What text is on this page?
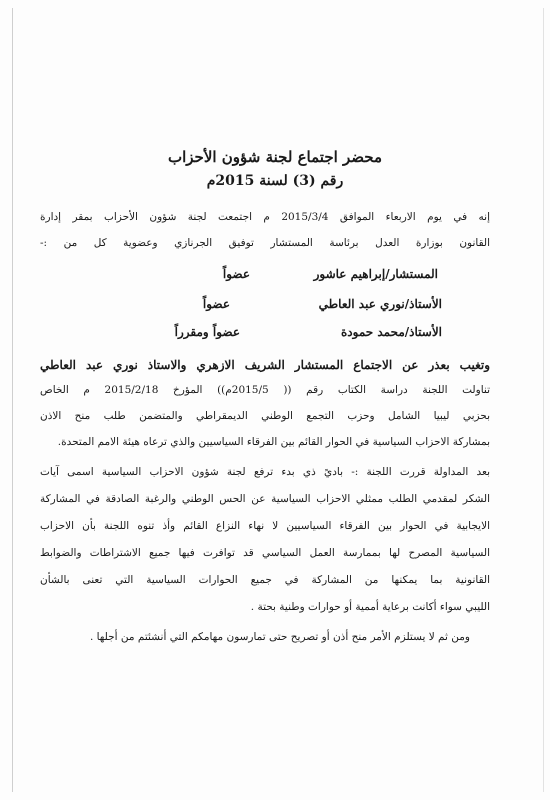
محضر اجتماع لجنة شؤون الأحزاب
رقم (3) لسنة 2015م
إنه في يوم الاربعاء الموافق 2015/3/4 م اجتمعت لجنة شؤون الأحزاب بمقر إدارة
القانون بوزارة العدل برئاسة المستشار توفيق الجرنازي وعضوية كل من :-
المستشار/إبراهيم عاشور
عضواً
الأستاذ/نوري عبد العاطي
عضواً
الأستاذ/محمد حمودة
عضواً ومقرراً
وتغيب بعذر عن الاجتماع المستشار الشريف الازهري والاستاذ نوري عبد العاطي
تناولت اللجنة دراسة الكتاب رقم (( 2015/5م)) المؤرخ 2015/2/18 م الخاص
بحزبي ليبيا الشامل وحزب التجمع الوطني الديمقراطي والمتضمن طلب منح الاذن
بمشاركة الاحزاب السياسية في الحوار القائم بين الفرقاء السياسيين والذي ترعاه هيئة الامم المتحدة.
بعد المداولة قررت اللجنة :- باديً ذي بدء ترفع لجنة شؤون الاحزاب السياسية اسمى آيات
الشكر لمقدمي الطلب ممثلي الاحزاب السياسية عن الحس الوطني والرغبة الصادقة في المشاركة
الايجابية في الحوار بين الفرقاء السياسيين لا نهاء النزاع القائم وأذ تنوه اللجنة بأن الاحزاب
السياسية المصرح لها بممارسة العمل السياسي قد توافرت فيها جميع الاشتراطات والضوابط
القانونية بما يمكنها من المشاركة في جميع الحوارات السياسية التي تعنى بالشأن
الليبي سواء أكانت برعاية أممية أو حوارات وطنية بحتة .
ومن ثم لا يستلزم الأمر منح أذن أو تصريح حتى تمارسون مهامكم التي أنشئتم من أجلها .
